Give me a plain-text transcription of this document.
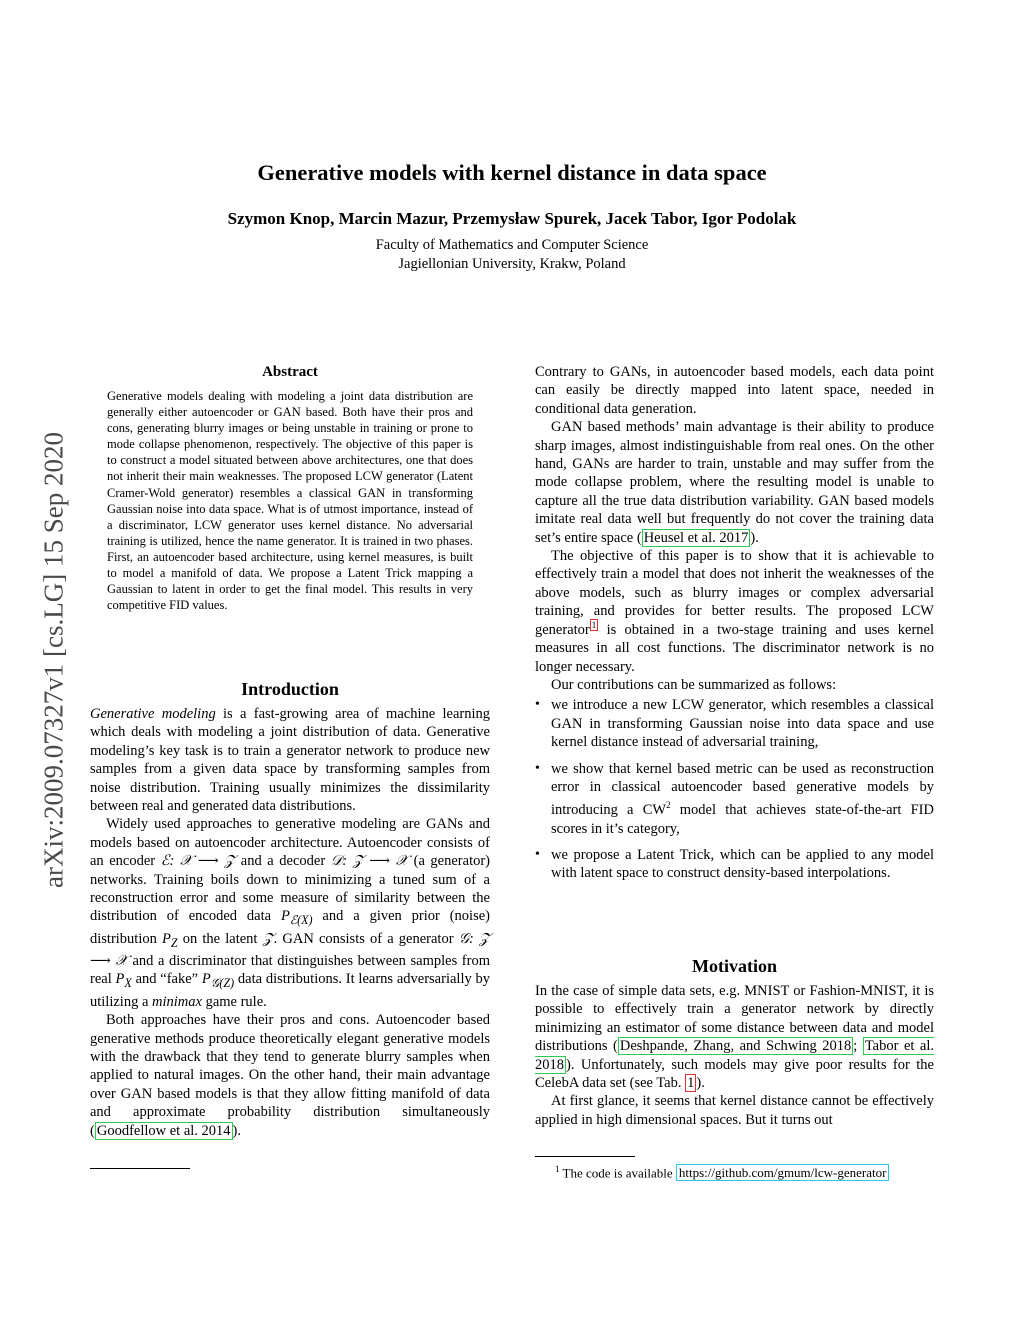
Generative models with kernel distance in data space
Szymon Knop, Marcin Mazur, Przemysław Spurek, Jacek Tabor, Igor Podolak
Faculty of Mathematics and Computer Science
Jagiellonian University, Krakw, Poland
arXiv:2009.07327v1 [cs.LG] 15 Sep 2020
Abstract

Generative models dealing with modeling a joint data distribution are generally either autoencoder or GAN based. Both have their pros and cons, generating blurry images or being unstable in training or prone to mode collapse phenomenon, respectively. The objective of this paper is to construct a model situated between above architectures, one that does not inherit their main weaknesses. The proposed LCW generator (Latent Cramer-Wold generator) resembles a classical GAN in transforming Gaussian noise into data space. What is of utmost importance, instead of a discriminator, LCW generator uses kernel distance. No adversarial training is utilized, hence the name generator. It is trained in two phases. First, an autoencoder based architecture, using kernel measures, is built to model a manifold of data. We propose a Latent Trick mapping a Gaussian to latent in order to get the final model. This results in very competitive FID values.

Introduction

Generative modeling is a fast-growing area of machine learning which deals with modeling a joint distribution of data. Generative modeling’s key task is to train a generator network to produce new samples from a given data space by transforming samples from noise distribution. Training usually minimizes the dissimilarity between real and generated data distributions.

Widely used approaches to generative modeling are GANs and models based on autoencoder architecture. Autoencoder consists of an encoder ℰ: 𝒳 ⟶ 𝒵 and a decoder 𝒟: 𝒵 ⟶ 𝒳 (a generator) networks. Training boils down to minimizing a tuned sum of a reconstruction error and some measure of similarity between the distribution of encoded data $P_{ℰ(X)}$ and a given prior (noise) distribution $P_Z$ on the latent 𝒵. GAN consists of a generator 𝒢: 𝒵 ⟶ 𝒳 and a discriminator that distinguishes between samples from real $P_X$ and “fake” $P_{𝒢(Z)}$ data distributions. It learns adversarially by utilizing a minimax game rule.

Both approaches have their pros and cons. Autoencoder based generative methods produce theoretically elegant generative models with the drawback that they tend to generate blurry samples when applied to natural images. On the other hand, their main advantage over GAN based models is that they allow fitting manifold of data and approximate probability distribution simultaneously ( Goodfellow et al. 2014 ).

Contrary to GANs, in autoencoder based models, each data point can easily be directly mapped into latent space, needed in conditional data generation.

GAN based methods’ main advantage is their ability to produce sharp images, almost indistinguishable from real ones. On the other hand, GANs are harder to train, unstable and may suffer from the mode collapse problem, where the resulting model is unable to capture all the true data distribution variability. GAN based models imitate real data well but frequently do not cover the training data set’s entire space ( Heusel et al. 2017 ).

The objective of this paper is to show that it is achievable to effectively train a model that does not inherit the weaknesses of the above models, such as blurry images or complex adversarial training, and provides for better results. The proposed LCW generator $^1$ is obtained in a two-stage training and uses kernel measures in all cost functions. The discriminator network is no longer necessary.

Our contributions can be summarized as follows:

• we introduce a new LCW generator, which resembles a classical GAN in transforming Gaussian noise into data space and use kernel distance instead of adversarial training,
• we show that kernel based metric can be used as reconstruction error in classical autoencoder based generative models by introducing a $CW^2$ model that achieves state-of-the-art FID scores in it’s category,
• we propose a Latent Trick, which can be applied to any model with latent space to construct density-based interpolations.
Motivation

In the case of simple data sets, e.g. MNIST or Fashion-MNIST, it is possible to effectively train a generator network by directly minimizing an estimator of some distance between data and model distributions ( Deshpande, Zhang, and Schwing 2018 ; Tabor et al. 2018 ). Unfortunately, such models may give poor results for the CelebA data set (see Tab. 1 ).

At first glance, it seems that kernel distance cannot be effectively applied in high dimensional spaces. But it turns out

$^1$ The code is available https://github.com/gmum/lcw-generator
